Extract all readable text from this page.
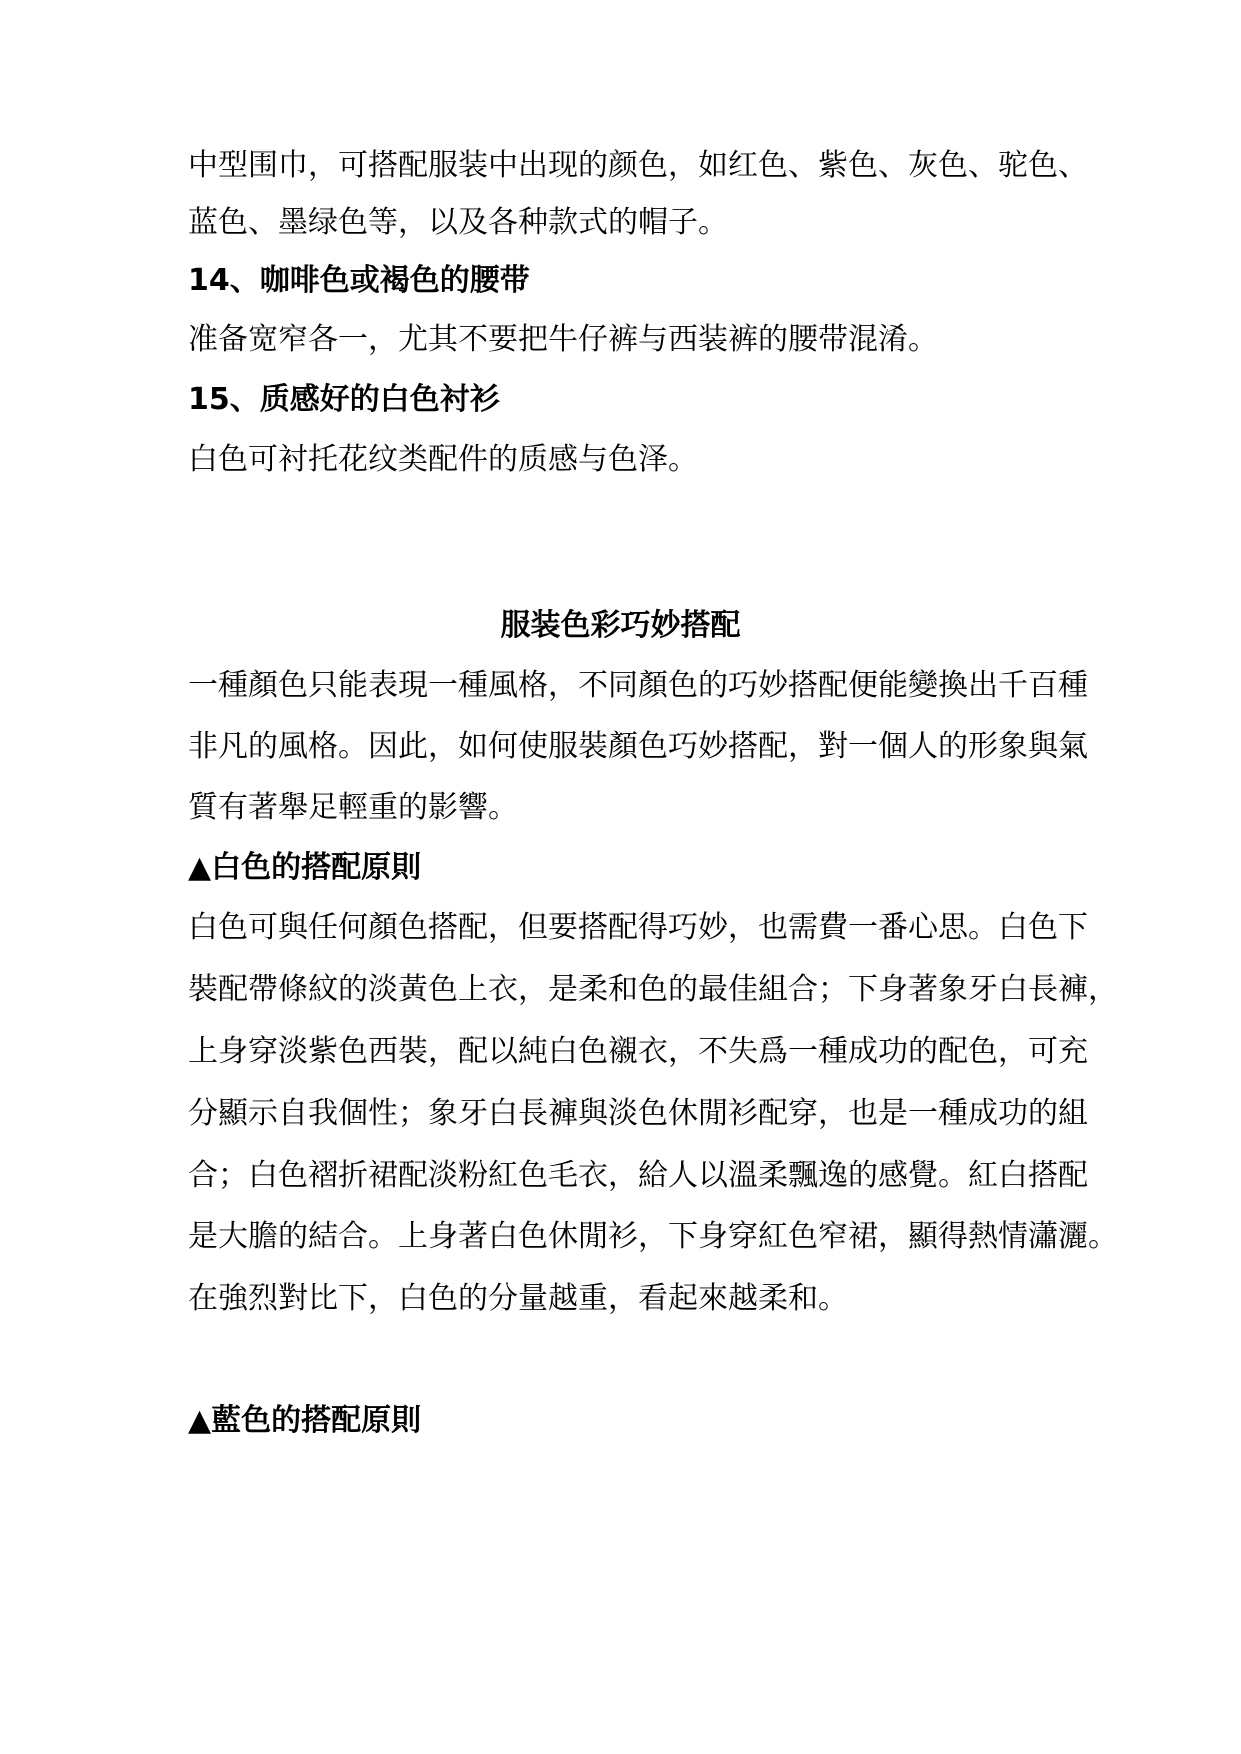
中型围巾，可搭配服装中出现的颜色，如红色、紫色、灰色、驼色、
蓝色、墨绿色等，以及各种款式的帽子。
14、咖啡色或褐色的腰带
准备宽窄各一，尤其不要把牛仔裤与西装裤的腰带混淆。
15、质感好的白色衬衫
白色可衬托花纹类配件的质感与色泽。
服装色彩巧妙搭配
一種顏色只能表現一種風格，不同顏色的巧妙搭配便能變換出千百種
非凡的風格。因此，如何使服裝顏色巧妙搭配，對一個人的形象與氣
質有著舉足輕重的影響。
▲白色的搭配原則
白色可與任何顏色搭配，但要搭配得巧妙，也需費一番心思。白色下
裝配帶條紋的淡黃色上衣，是柔和色的最佳組合；下身著象牙白長褲，
上身穿淡紫色西裝，配以純白色襯衣，不失爲一種成功的配色，可充
分顯示自我個性；象牙白長褲與淡色休閒衫配穿，也是一種成功的組
合；白色褶折裙配淡粉紅色毛衣，給人以溫柔飄逸的感覺。紅白搭配
是大膽的結合。上身著白色休閒衫，下身穿紅色窄裙，顯得熱情瀟灑。
在強烈對比下，白色的分量越重，看起來越柔和。
▲藍色的搭配原則
